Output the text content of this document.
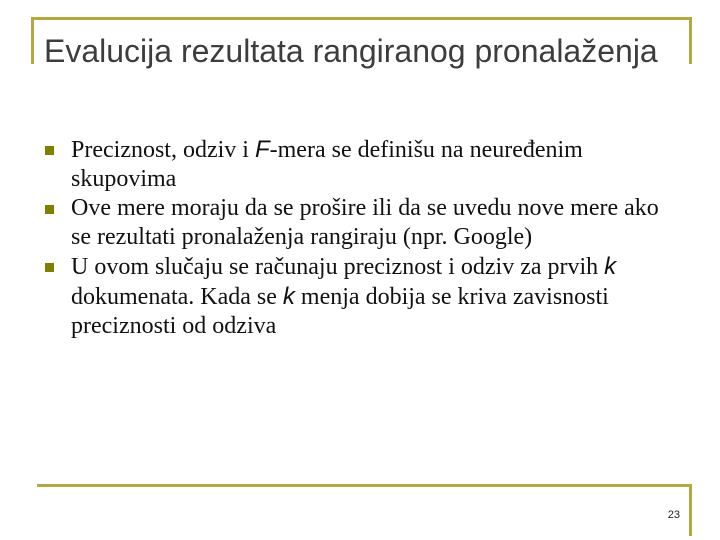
Evalucija rezultata rangiranog pronalaženja
Preciznost, odziv i F-mera se definišu na neuređenim skupovima
Ove mere moraju da se prošire ili da se uvedu nove mere ako se rezultati pronalaženja rangiraju (npr. Google)
U ovom slučaju se računaju preciznost i odziv za prvih k dokumenata. Kada se k menja dobija se kriva zavisnosti preciznosti od odziva
23
